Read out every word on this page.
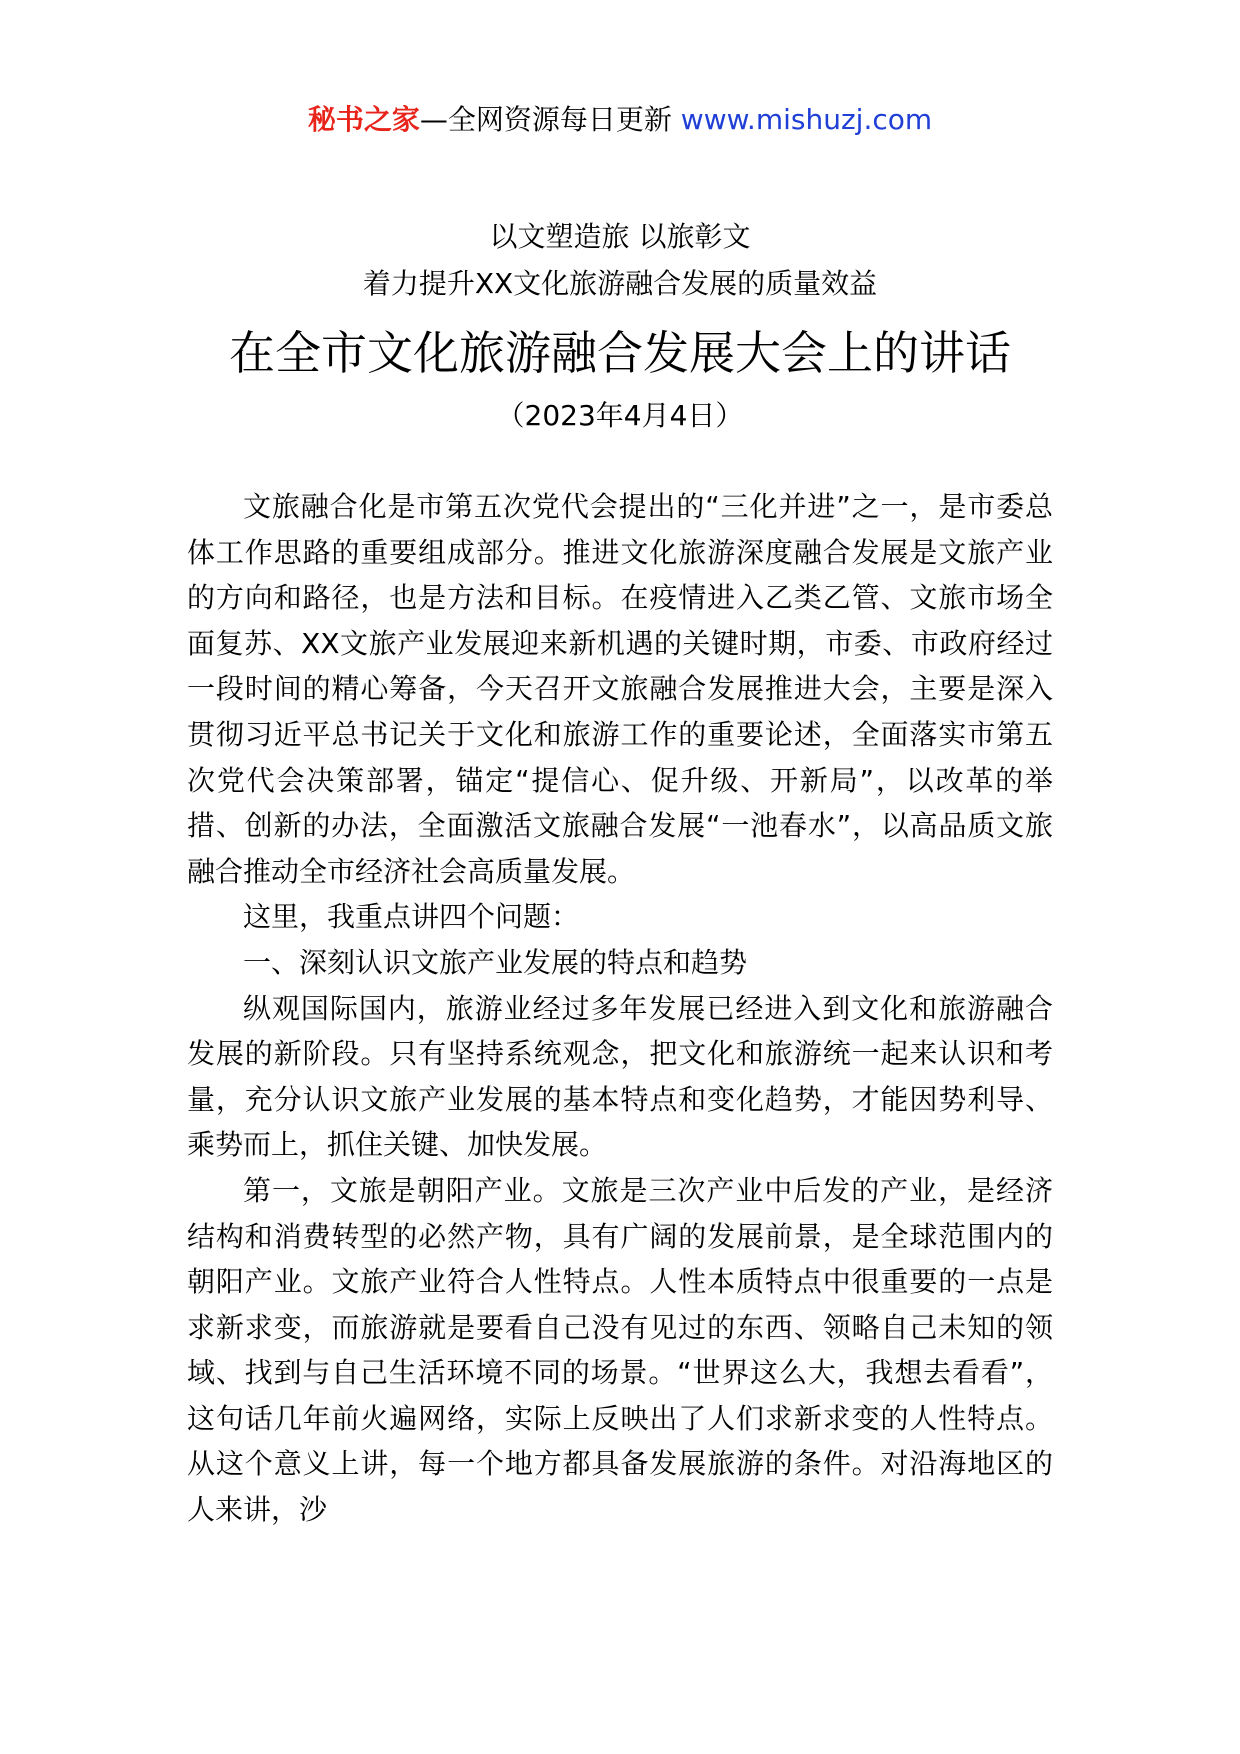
秘书之家—全网资源每日更新 www.mishuzj.com
以文塑造旅 以旅彰文
着力提升XX文化旅游融合发展的质量效益
在全市文化旅游融合发展大会上的讲话
（2023年4月4日）

文旅融合化是市第五次党代会提出的“三化并进”之一，是市委总体工作思路的重要组成部分。推进文化旅游深度融合发展是文旅产业的方向和路径，也是方法和目标。在疫情进入乙类乙管、文旅市场全面复苏、XX文旅产业发展迎来新机遇的关键时期，市委、市政府经过一段时间的精心筹备，今天召开文旅融合发展推进大会，主要是深入贯彻习近平总书记关于文化和旅游工作的重要论述，全面落实市第五次党代会决策部署，锚定“提信心、促升级、开新局”，以改革的举措、创新的办法，全面激活文旅融合发展“一池春水”，以高品质文旅融合推动全市经济社会高质量发展。

这里，我重点讲四个问题：

一、深刻认识文旅产业发展的特点和趋势

纵观国际国内，旅游业经过多年发展已经进入到文化和旅游融合发展的新阶段。只有坚持系统观念，把文化和旅游统一起来认识和考量，充分认识文旅产业发展的基本特点和变化趋势，才能因势利导、乘势而上，抓住关键、加快发展。

第一，文旅是朝阳产业。文旅是三次产业中后发的产业，是经济结构和消费转型的必然产物，具有广阔的发展前景，是全球范围内的朝阳产业。文旅产业符合人性特点。人性本质特点中很重要的一点是求新求变，而旅游就是要看自己没有见过的东西、领略自己未知的领域、找到与自己生活环境不同的场景。“世界这么大，我想去看看”，这句话几年前火遍网络，实际上反映出了人们求新求变的人性特点。从这个意义上讲，每一个地方都具备发展旅游的条件。对沿海地区的人来讲，沙
